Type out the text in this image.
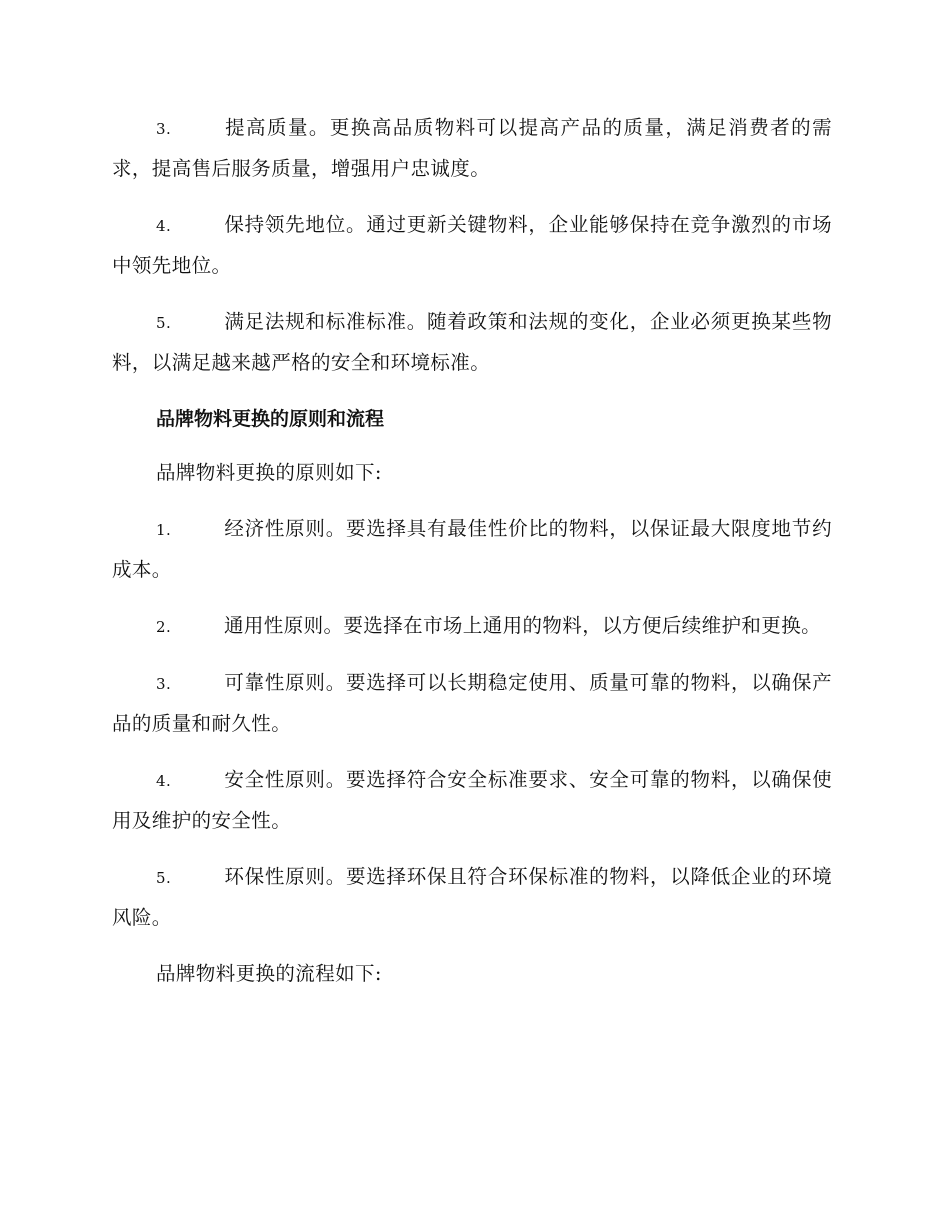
3.	提高质量。更换高品质物料可以提高产品的质量，满足消费者的需求，提高售后服务质量，增强用户忠诚度。

4.	保持领先地位。通过更新关键物料，企业能够保持在竞争激烈的市场中领先地位。

5.	满足法规和标准标准。随着政策和法规的变化，企业必须更换某些物料，以满足越来越严格的安全和环境标准。

品牌物料更换的原则和流程

品牌物料更换的原则如下:

1.	经济性原则。要选择具有最佳性价比的物料，以保证最大限度地节约成本。

2.	通用性原则。要选择在市场上通用的物料，以方便后续维护和更换。

3.	可靠性原则。要选择可以长期稳定使用、质量可靠的物料，以确保产品的质量和耐久性。

4.	安全性原则。要选择符合安全标准要求、安全可靠的物料，以确保使用及维护的安全性。

5.	环保性原则。要选择环保且符合环保标准的物料，以降低企业的环境风险。

品牌物料更换的流程如下:
